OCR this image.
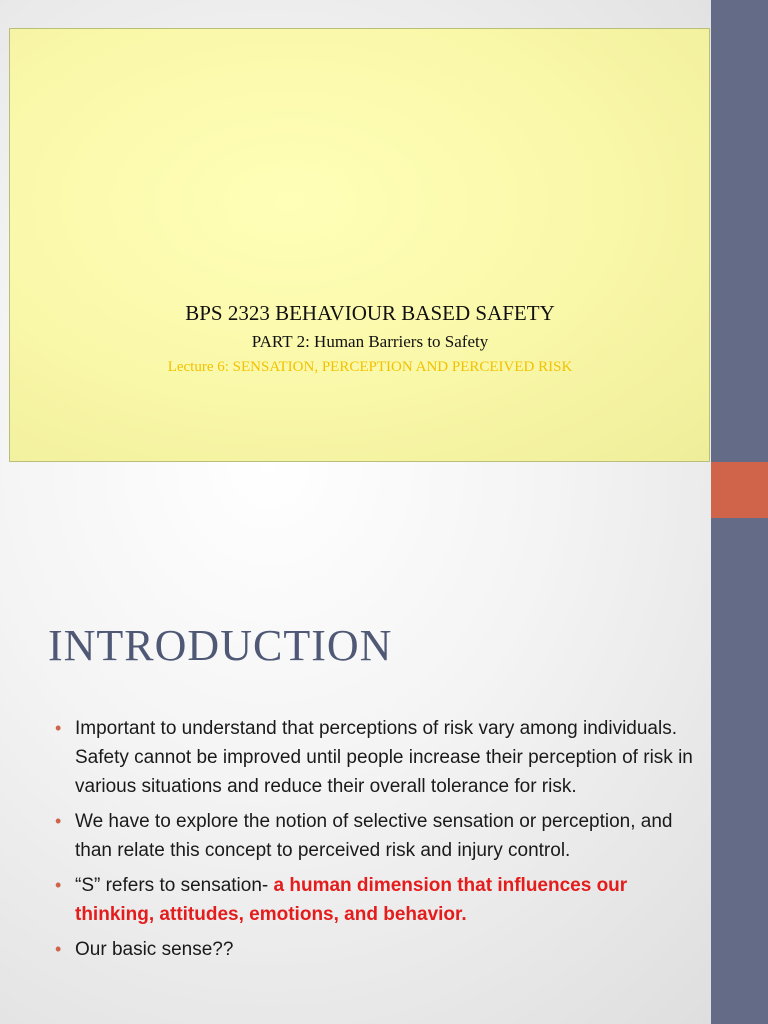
BPS 2323 BEHAVIOUR BASED SAFETY
PART 2: Human Barriers to Safety
Lecture 6: SENSATION, PERCEPTION AND PERCEIVED RISK
INTRODUCTION
• Important to understand that perceptions of risk vary among individuals. Safety cannot be improved until people increase their perception of risk in various situations and reduce their overall tolerance for risk.
• We have to explore the notion of selective sensation or perception, and than relate this concept to perceived risk and injury control.
• “S” refers to sensation- a human dimension that influences our thinking, attitudes, emotions, and behavior.
• Our basic sense??
